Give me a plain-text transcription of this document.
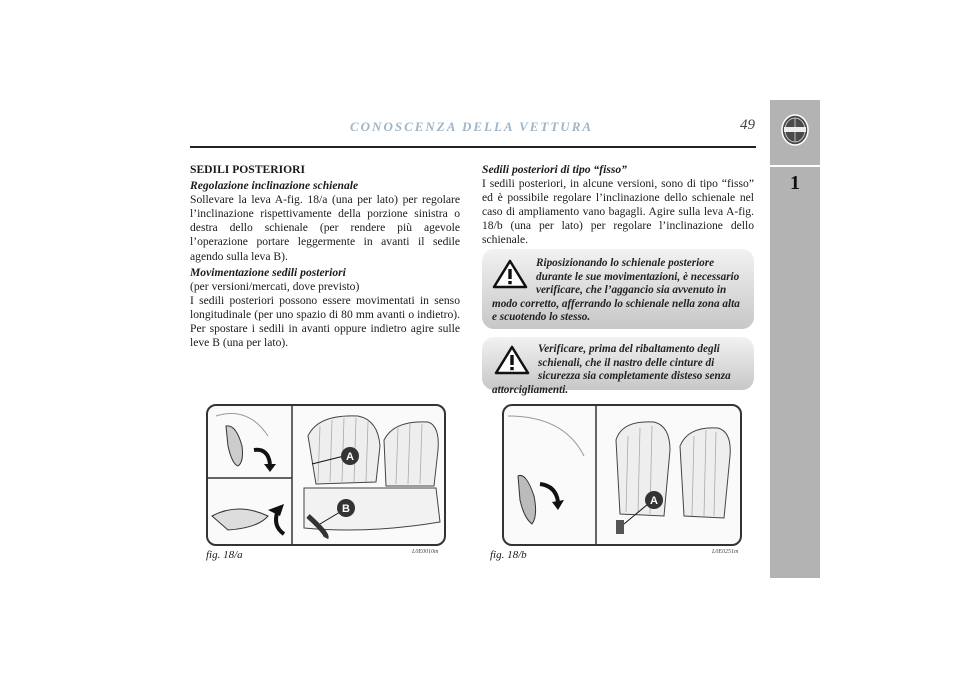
CONOSCENZA DELLA VETTURA	49
1

SEDILI POSTERIORI

Regolazione inclinazione schienale

Sollevare la leva A-fig. 18/a (una per lato) per regolare l’inclinazione rispettivamente della porzione sinistra o destra dello schienale (per rendere più agevole l’operazione portare leggermente in avanti il sedile agendo sulla leva B).

Movimentazione sedili posteriori

(per versioni/mercati, dove previsto)

I sedili posteriori possono essere movimentati in senso longitudinale (per uno spazio di 80 mm avanti o indietro). Per spostare i sedili in avanti oppure indietro agire sulle leve B (una per lato).

Sedili posteriori di tipo “fisso”

I sedili posteriori, in alcune versioni, sono di tipo “fisso” ed è possibile regolare l’inclinazione dello schienale nel caso di ampliamento vano bagagli. Agire sulla leva A-fig. 18/b (una per lato) per regolare l’inclinazione dello schienale.

Riposizionando lo schienale posteriore durante le sue movimentazioni, è necessario verificare, che l’aggancio sia avvenuto in modo corretto, afferrando lo schienale nella zona alta e scuotendo lo stesso.
Verificare, prima del ribaltamento degli schienali, che il nastro delle cinture di sicurezza sia completamente disteso senza attorcigliamenti.
A
B
fig. 18/a	L0E0010m
A
fig. 18/b	L0E0251m
